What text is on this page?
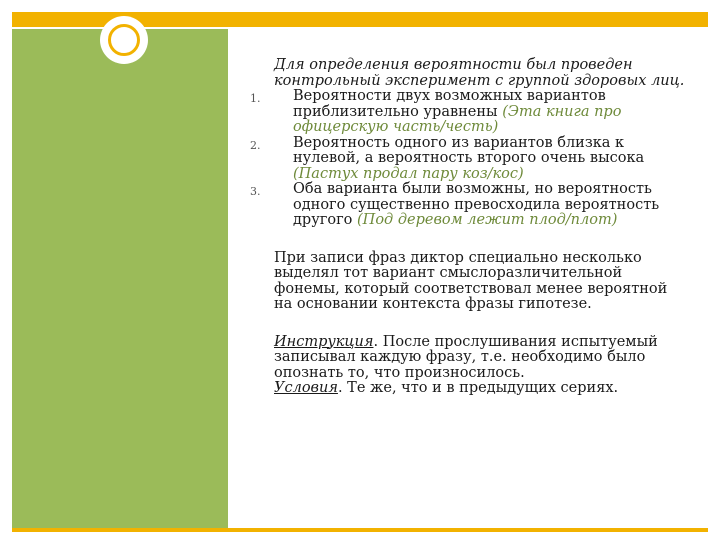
Для определения вероятности был проведен контрольный эксперимент с группой здоровых лиц.
1. Вероятности двух возможных вариантов приблизительно уравнены (Эта книга про офицерскую часть/честь)
2. Вероятность одного из вариантов близка к нулевой, а вероятность второго очень высока (Пастух продал пару коз/кос)
3. Оба варианта были возможны, но вероятность одного существенно превосходила вероятность другого (Под деревом лежит плод/плот)
При записи фраз диктор специально несколько выделял тот вариант смыслоразличительной фонемы, который соответствовал менее вероятной на основании контекста фразы гипотезе.
Инструкция. После прослушивания испытуемый записывал каждую фразу, т.е. необходимо было опознать то, что произносилось.
Условия. Те же, что и в предыдущих сериях.
